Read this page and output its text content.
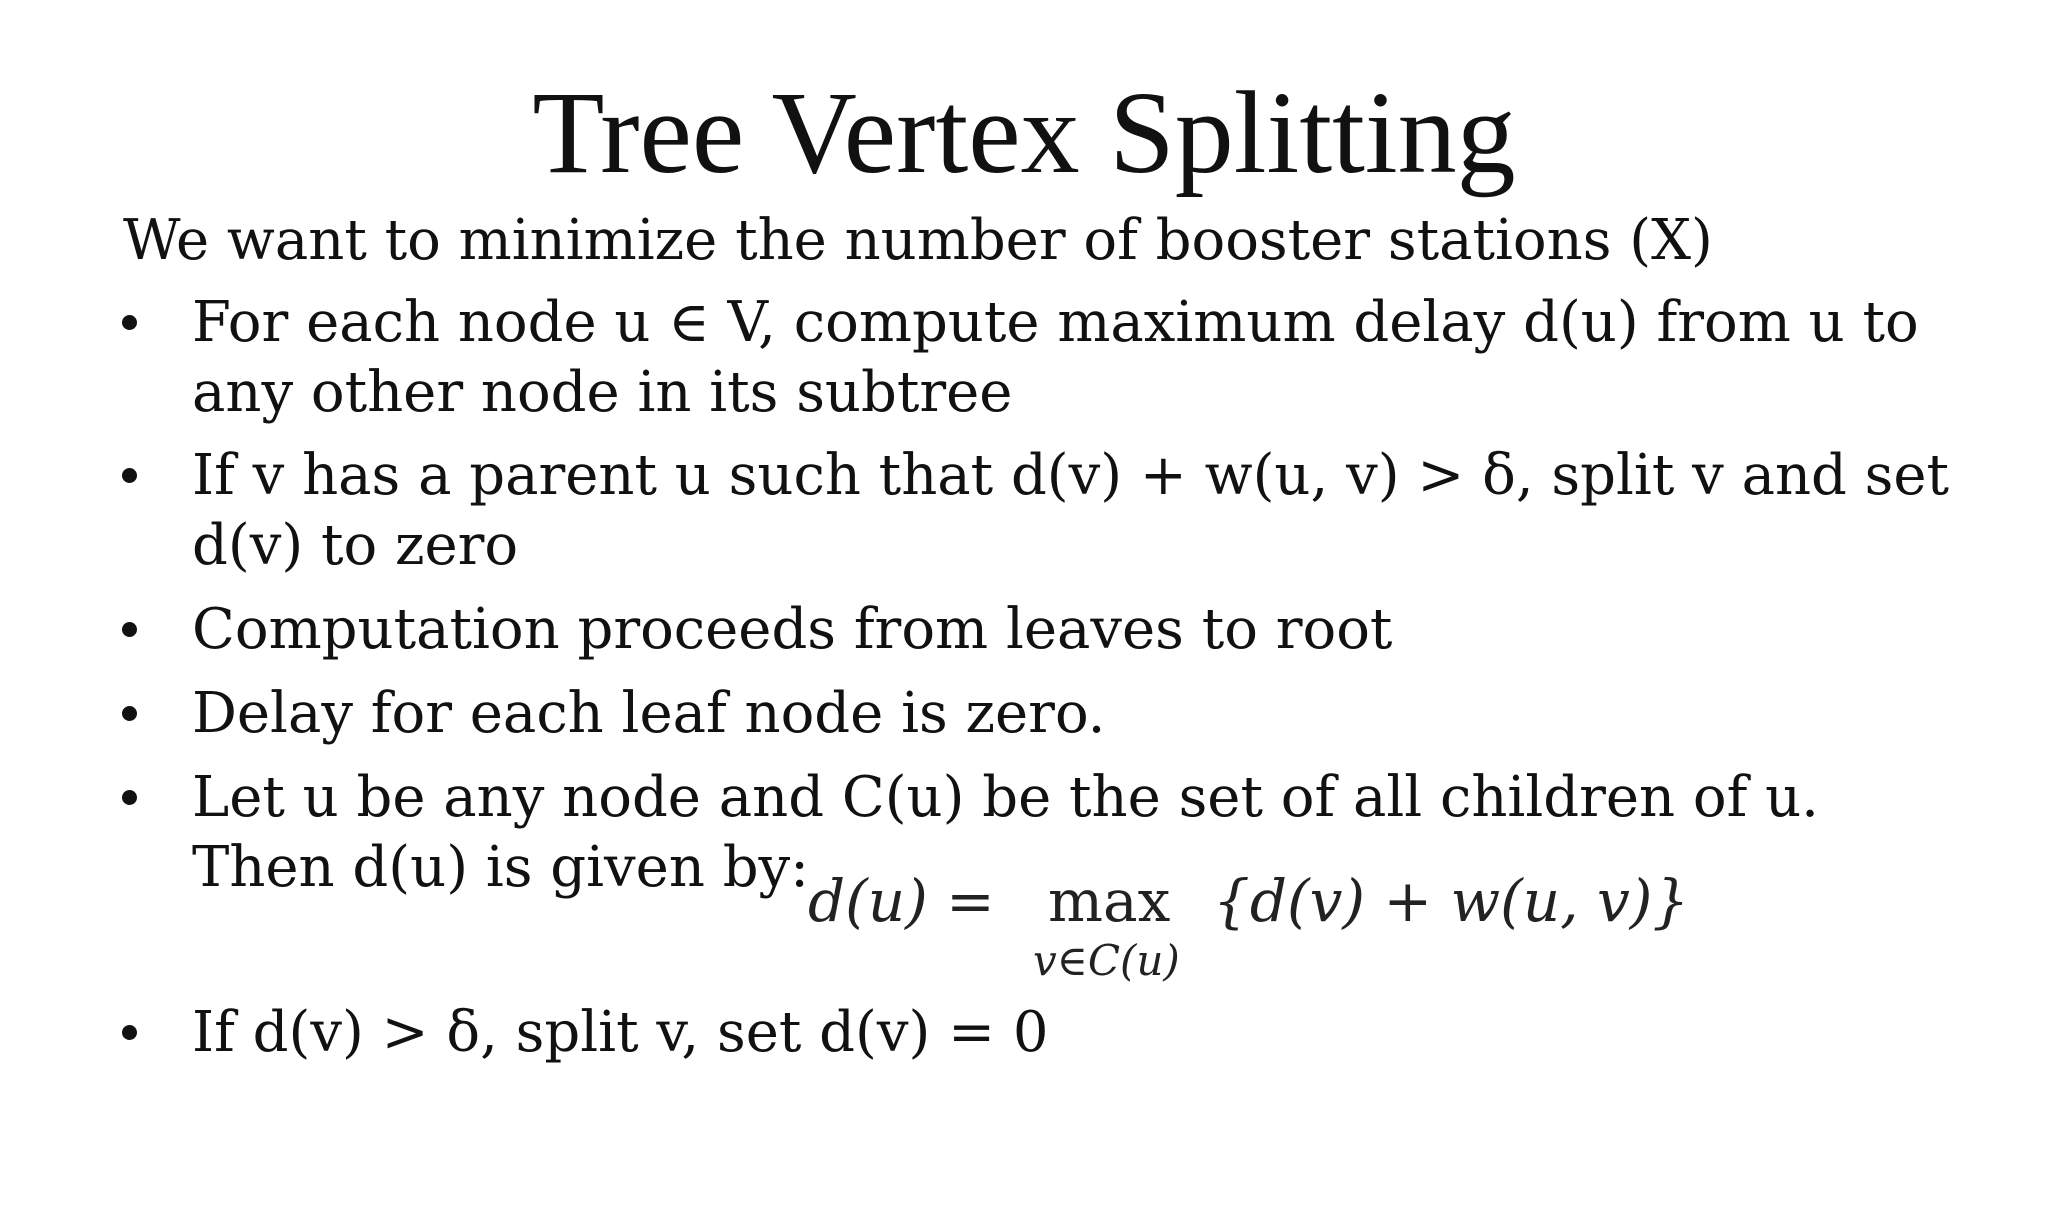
Tree Vertex Splitting
We want to minimize the number of booster stations (X)
For each node u ∈ V, compute maximum delay d(u) from u to
any other node in its subtree
If v has a parent u such that d(v) + w(u, v) > δ, split v and set
d(v) to zero
Computation proceeds from leaves to root
Delay for each leaf node is zero.
Let u be any node and C(u) be the set of all children of u.
Then d(u) is given by:
If d(v) > δ, split v, set d(v) = 0
d(u) = max {d(v) + w(u, v)}
v∈C(u)
